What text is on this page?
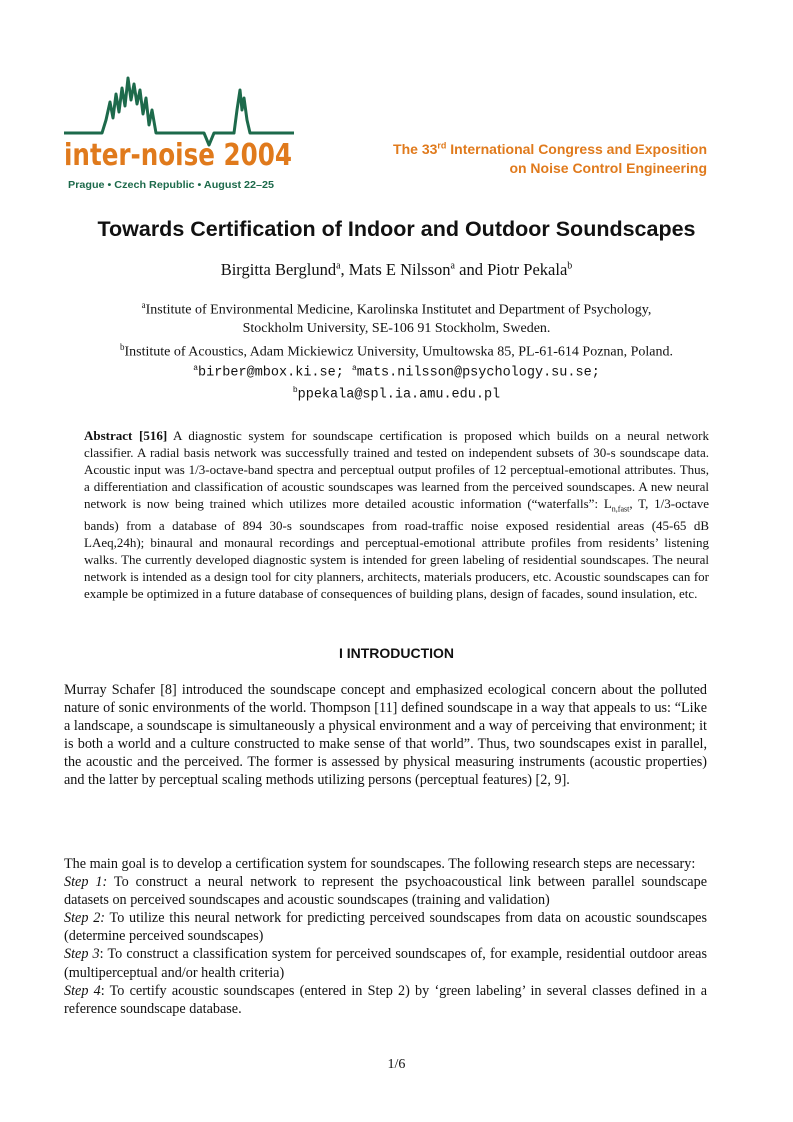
inter-noise 2004
Prague • Czech Republic • August 22–25
The 33rd International Congress and Exposition
on Noise Control Engineering
Towards Certification of Indoor and Outdoor Soundscapes
Birgitta Berglund$^a$, Mats E Nilsson$^a$ and Piotr Pekala$^b$
$^a$Institute of Environmental Medicine, Karolinska Institutet and Department of Psychology,
Stockholm University, SE-106 91 Stockholm, Sweden.
$^b$Institute of Acoustics, Adam Mickiewicz University, Umultowska 85, PL-61-614 Poznan, Poland.
$^a$birber@mbox.ki.se; $^a$mats.nilsson@psychology.su.se;
$^b$ppekala@spl.ia.amu.edu.pl
Abstract [516] A diagnostic system for soundscape certification is proposed which builds on a neural network classifier. A radial basis network was successfully trained and tested on independent subsets of 30-s soundscape data. Acoustic input was 1/3-octave-band spectra and perceptual output profiles of 12 perceptual-emotional attributes. Thus, a differentiation and classification of acoustic soundscapes was learned from the perceived soundscapes. A new neural network is now being trained which utilizes more detailed acoustic information (“waterfalls”: $L_{n,fast}$, T, 1/3-octave bands) from a database of 894 30-s soundscapes from road-traffic noise exposed residential areas (45-65 dB LAeq,24h); binaural and monaural recordings and perceptual-emotional attribute profiles from residents’ listening walks. The currently developed diagnostic system is intended for green labeling of residential soundscapes. The neural network is intended as a design tool for city planners, architects, materials producers, etc. Acoustic soundscapes can for example be optimized in a future database of consequences of building plans, design of facades, sound insulation, etc.
I INTRODUCTION
Murray Schafer [8] introduced the soundscape concept and emphasized ecological concern about the polluted nature of sonic environments of the world. Thompson [11] defined soundscape in a way that appeals to us: “Like a landscape, a soundscape is simultaneously a physical environment and a way of perceiving that environment; it is both a world and a culture constructed to make sense of that world”. Thus, two soundscapes exist in parallel, the acoustic and the perceived. The former is assessed by physical measuring instruments (acoustic properties) and the latter by perceptual scaling methods utilizing persons (perceptual features) [2, 9].
The main goal is to develop a certification system for soundscapes. The following research steps are necessary:
Step 1: To construct a neural network to represent the psychoacoustical link between parallel soundscape datasets on perceived soundscapes and acoustic soundscapes (training and validation)
Step 2: To utilize this neural network for predicting perceived soundscapes from data on acoustic soundscapes (determine perceived soundscapes)
Step 3: To construct a classification system for perceived soundscapes of, for example, residential outdoor areas (multiperceptual and/or health criteria)
Step 4: To certify acoustic soundscapes (entered in Step 2) by ‘green labeling’ in several classes defined in a reference soundscape database.
1/6
